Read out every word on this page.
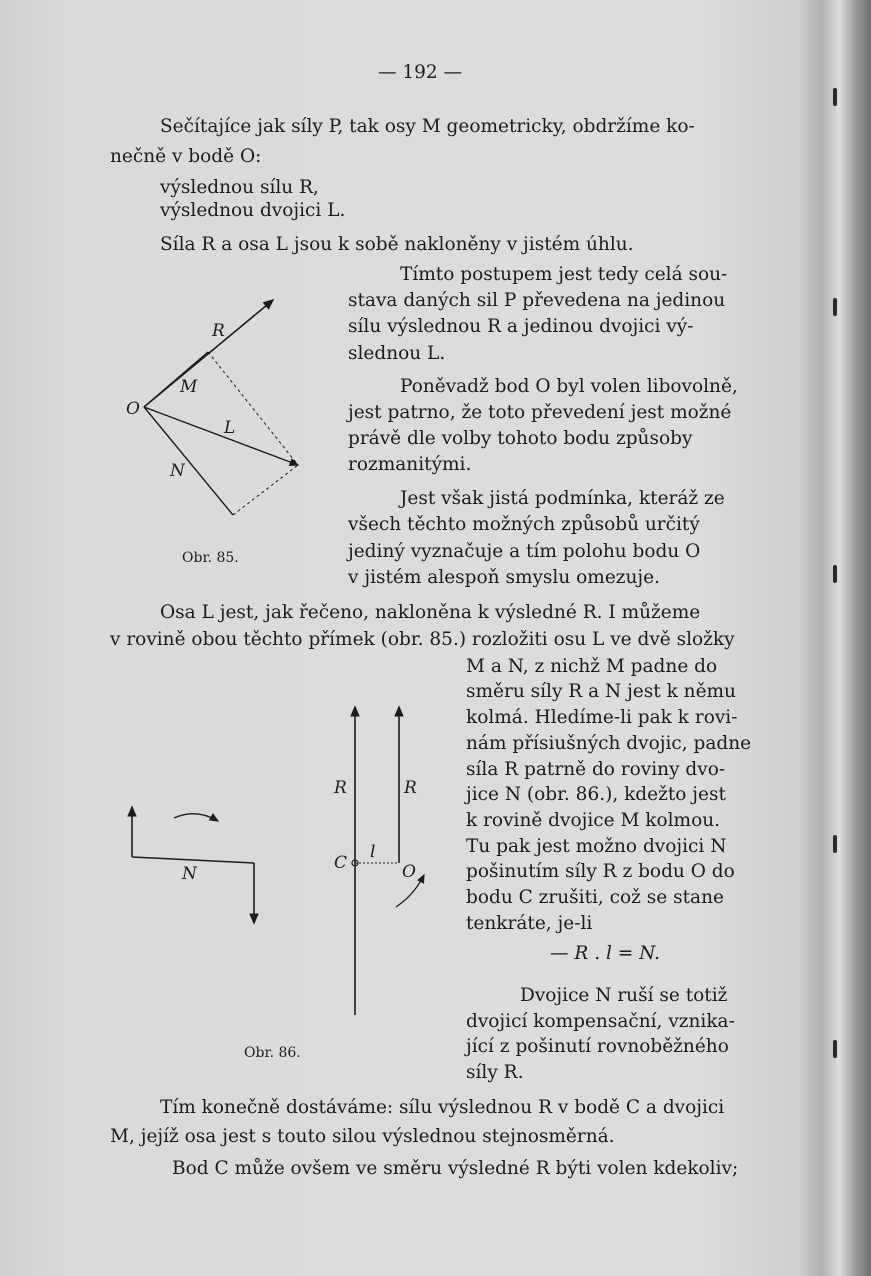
— 192 —
Sečítajíce jak síly P, tak osy M geometricky, obdržíme ko-
nečně v bodě O:
výslednou sílu R,
výslednou dvojici L.
Síla R a osa L jsou k sobě nakloněny v jistém úhlu.
Tímto postupem jest tedy celá sou-
stava daných sil P převedena na jedinou
sílu výslednou R a jedinou dvojici vý-
slednou L.
Poněvadž bod O byl volen libovolně,
jest patrno, že toto převedení jest možné
právě dle volby tohoto bodu způsoby
rozmanitými.
Jest však jistá podmínka, kteráž ze
všech těchto možných způsobů určitý
jediný vyznačuje a tím polohu bodu O
v jistém alespoň smyslu omezuje.
R
M
O
L
N
Obr. 85.
Osa L jest, jak řečeno, nakloněna k výsledné R. I můžeme
v rovině obou těchto přímek (obr. 85.) rozložiti osu L ve dvě složky
M a N, z nichž M padne do
směru síly R a N jest k němu
kolmá. Hledíme-li pak k rovi-
nám přísiušných dvojic, padne
síla R patrně do roviny dvo-
jice N (obr. 86.), kdežto jest
k rovině dvojice M kolmou.
Tu pak jest možno dvojici N
pošinutím síly R z bodu O do
bodu C zrušiti, což se stane
tenkráte, je-li
— R . l = N.
Dvojice N ruší se totiž
dvojicí kompensační, vznika-
jící z pošinutí rovnoběžného
síly R.
R	R
C
l
O
N
Obr. 86.
Tím konečně dostáváme: sílu výslednou R v bodě C a dvojici
M, jejíž osa jest s touto silou výslednou stejnosměrná.
Bod C může ovšem ve směru výsledné R býti volen kdekoliv;
